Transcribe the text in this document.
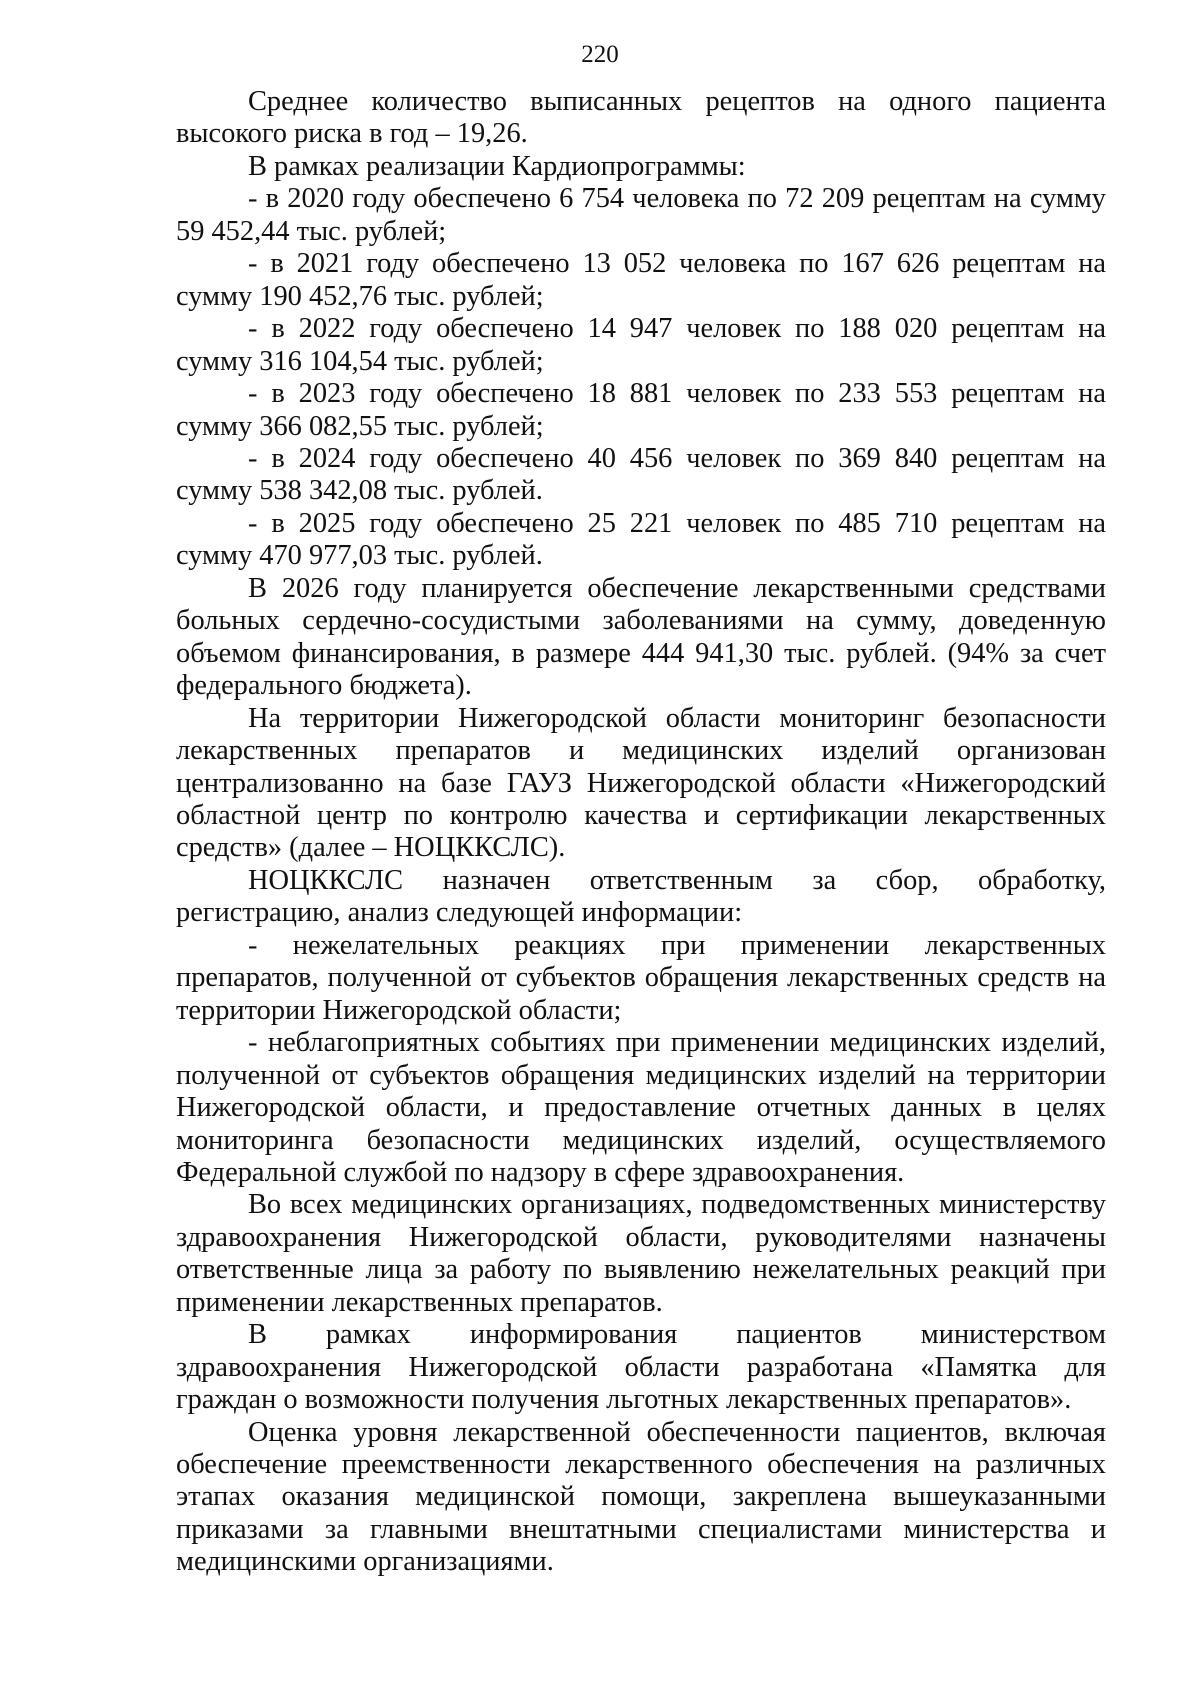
220

Среднее количество выписанных рецептов на одного пациента высокого риска в год – 19,26.

В рамках реализации Кардиопрограммы:

- в 2020 году обеспечено 6 754 человека по 72 209 рецептам на сумму 59 452,44 тыс. рублей;

- в 2021 году обеспечено 13 052 человека по 167 626 рецептам на сумму 190 452,76 тыс. рублей;

- в 2022 году обеспечено 14 947 человек по 188 020 рецептам на сумму 316 104,54 тыс. рублей;

- в 2023 году обеспечено 18 881 человек по 233 553 рецептам на сумму 366 082,55 тыс. рублей;

- в 2024 году обеспечено 40 456 человек по 369 840 рецептам на сумму 538 342,08 тыс. рублей.

- в 2025 году обеспечено 25 221 человек по 485 710 рецептам на сумму 470 977,03 тыс. рублей.

В 2026 году планируется обеспечение лекарственными средствами больных сердечно-сосудистыми заболеваниями на сумму, доведенную объемом финансирования, в размере 444 941,30 тыс. рублей. (94% за счет федерального бюджета).

На территории Нижегородской области мониторинг безопасности лекарственных препаратов и медицинских изделий организован централизованно на базе ГАУЗ Нижегородской области «Нижегородский областной центр по контролю качества и сертификации лекарственных средств» (далее – НОЦККСЛС).

НОЦККСЛС назначен ответственным за сбор, обработку, регистрацию, анализ следующей информации:

- нежелательных реакциях при применении лекарственных препаратов, полученной от субъектов обращения лекарственных средств на территории Нижегородской области;

- неблагоприятных событиях при применении медицинских изделий, полученной от субъектов обращения медицинских изделий на территории Нижегородской области, и предоставление отчетных данных в целях мониторинга безопасности медицинских изделий, осуществляемого Федеральной службой по надзору в сфере здравоохранения.

Во всех медицинских организациях, подведомственных министерству здравоохранения Нижегородской области, руководителями назначены ответственные лица за работу по выявлению нежелательных реакций при применении лекарственных препаратов.

В рамках информирования пациентов министерством здравоохранения Нижегородской области разработана «Памятка для граждан о возможности получения льготных лекарственных препаратов».

Оценка уровня лекарственной обеспеченности пациентов, включая обеспечение преемственности лекарственного обеспечения на различных этапах оказания медицинской помощи, закреплена вышеуказанными приказами за главными внештатными специалистами министерства и медицинскими организациями.
